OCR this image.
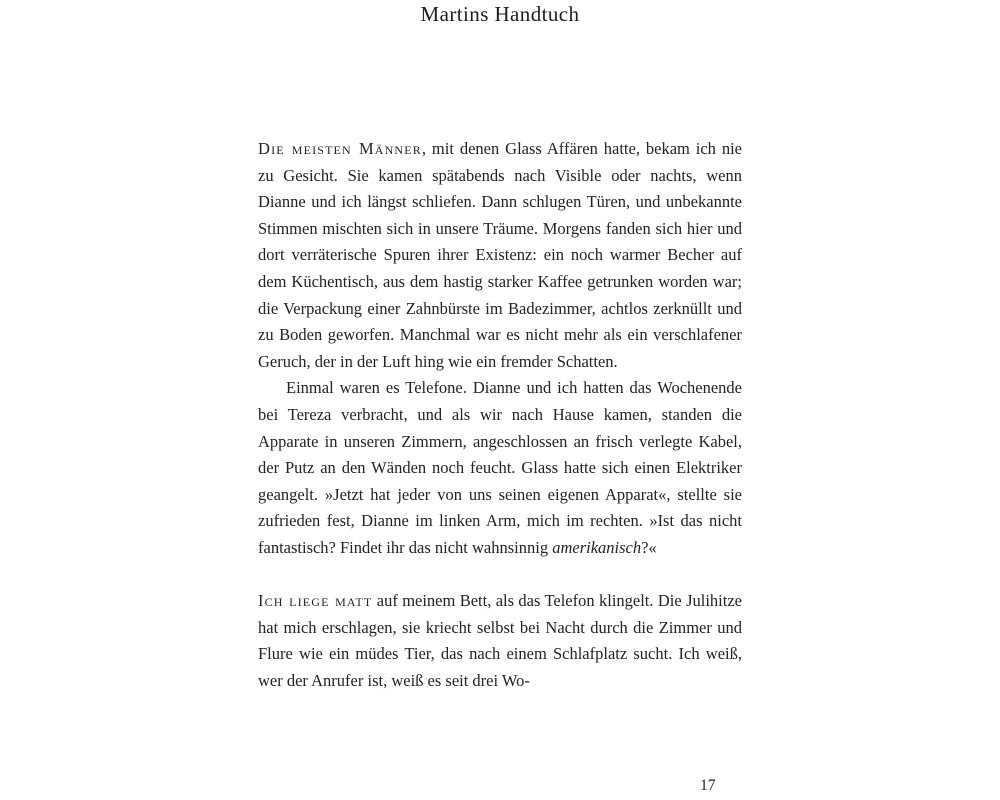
Martins Handtuch

Die meisten Männer, mit denen Glass Affären hatte, bekam ich nie zu Gesicht. Sie kamen spätabends nach Visible oder nachts, wenn Dianne und ich längst schliefen. Dann schlugen Türen, und unbekannte Stimmen mischten sich in unsere Träume. Morgens fanden sich hier und dort verräterische Spuren ihrer Existenz: ein noch warmer Becher auf dem Küchentisch, aus dem hastig starker Kaffee getrunken worden war; die Verpackung einer Zahnbürste im Badezimmer, achtlos zerknüllt und zu Boden geworfen. Manchmal war es nicht mehr als ein verschlafener Geruch, der in der Luft hing wie ein fremder Schatten.

Einmal waren es Telefone. Dianne und ich hatten das Wochenende bei Tereza verbracht, und als wir nach Hause kamen, standen die Apparate in unseren Zimmern, angeschlossen an frisch verlegte Kabel, der Putz an den Wänden noch feucht. Glass hatte sich einen Elektriker geangelt. »Jetzt hat jeder von uns seinen eigenen Apparat«, stellte sie zufrieden fest, Dianne im linken Arm, mich im rechten. »Ist das nicht fantastisch? Findet ihr das nicht wahnsinnig amerikanisch?«

Ich liege matt auf meinem Bett, als das Telefon klingelt. Die Julihitze hat mich erschlagen, sie kriecht selbst bei Nacht durch die Zimmer und Flure wie ein müdes Tier, das nach einem Schlafplatz sucht. Ich weiß, wer der Anrufer ist, weiß es seit drei Wo-

17
